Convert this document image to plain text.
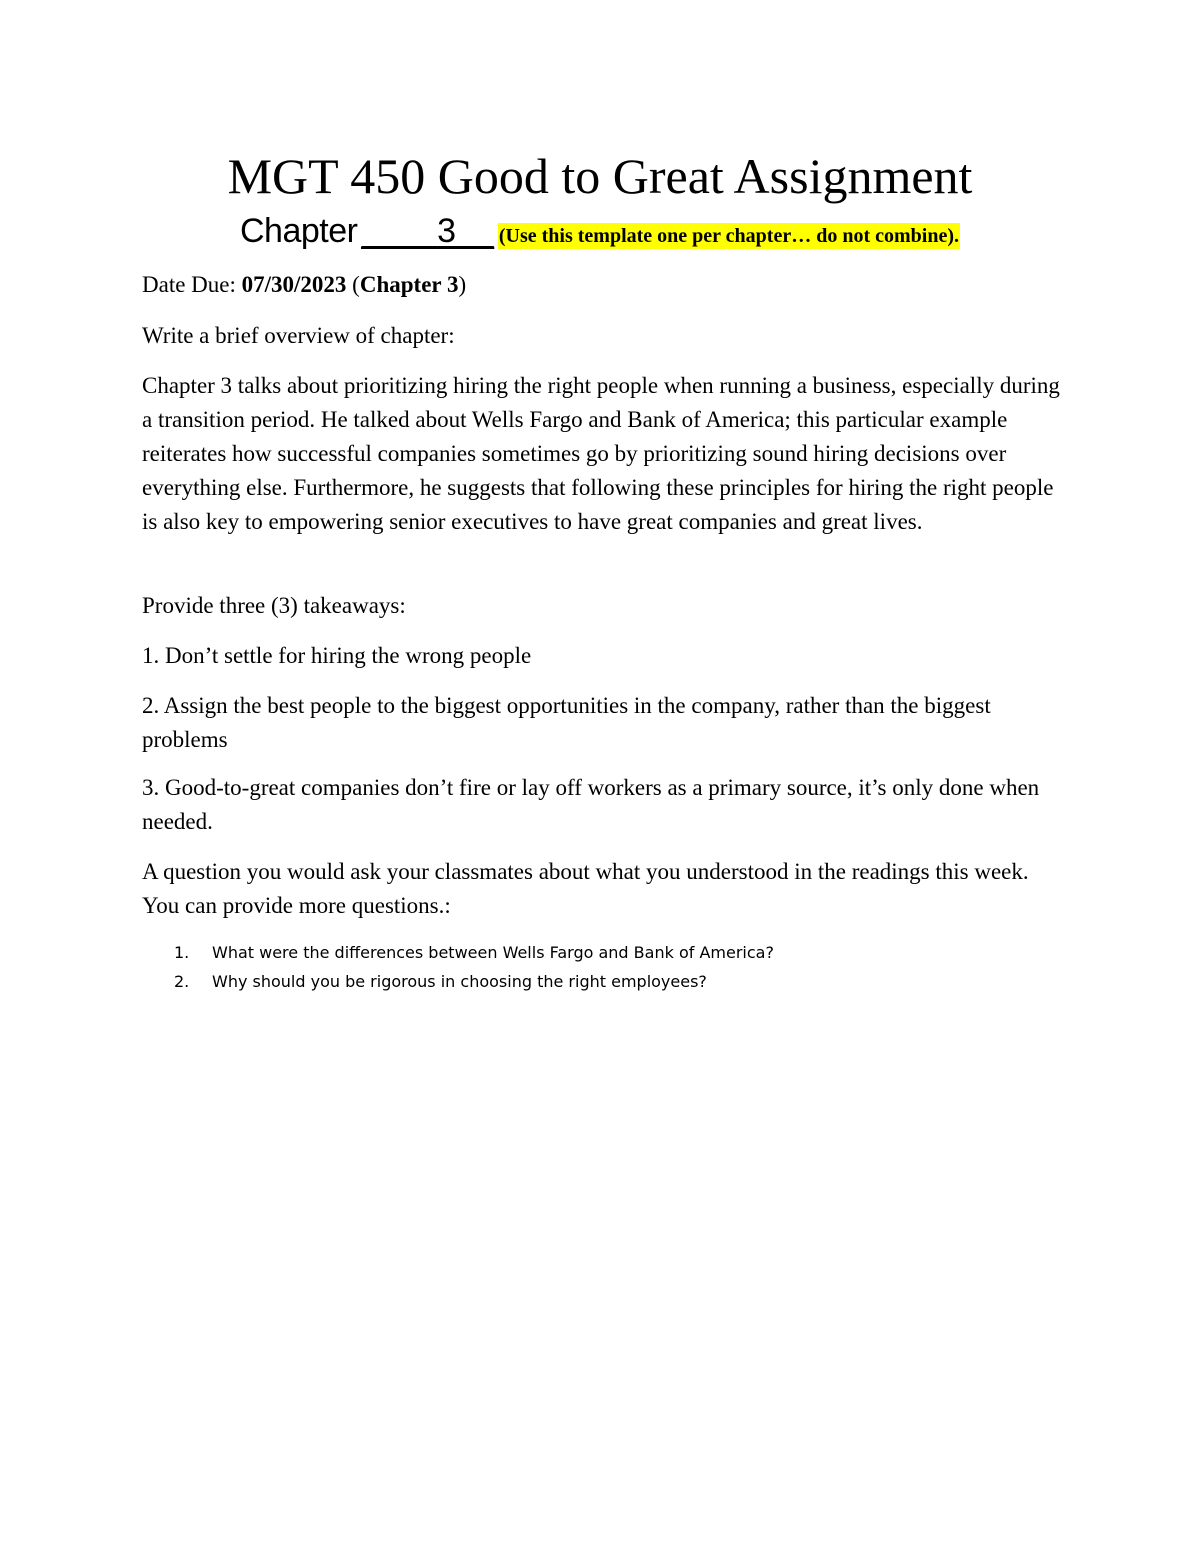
MGT 450 Good to Great Assignment
Chapter ____3__ (Use this template one per chapter… do not combine).

Date Due: 07/30/2023 (Chapter 3)

Write a brief overview of chapter:

Chapter 3 talks about prioritizing hiring the right people when running a business, especially during a transition period. He talked about Wells Fargo and Bank of America; this particular example reiterates how successful companies sometimes go by prioritizing sound hiring decisions over everything else. Furthermore, he suggests that following these principles for hiring the right people is also key to empowering senior executives to have great companies and great lives.

Provide three (3) takeaways:

1. Don’t settle for hiring the wrong people

2. Assign the best people to the biggest opportunities in the company, rather than the biggest problems

3. Good-to-great companies don’t fire or lay off workers as a primary source, it’s only done when needed.

A question you would ask your classmates about what you understood in the readings this week. You can provide more questions.:

1. What were the differences between Wells Fargo and Bank of America?
2. Why should you be rigorous in choosing the right employees?
